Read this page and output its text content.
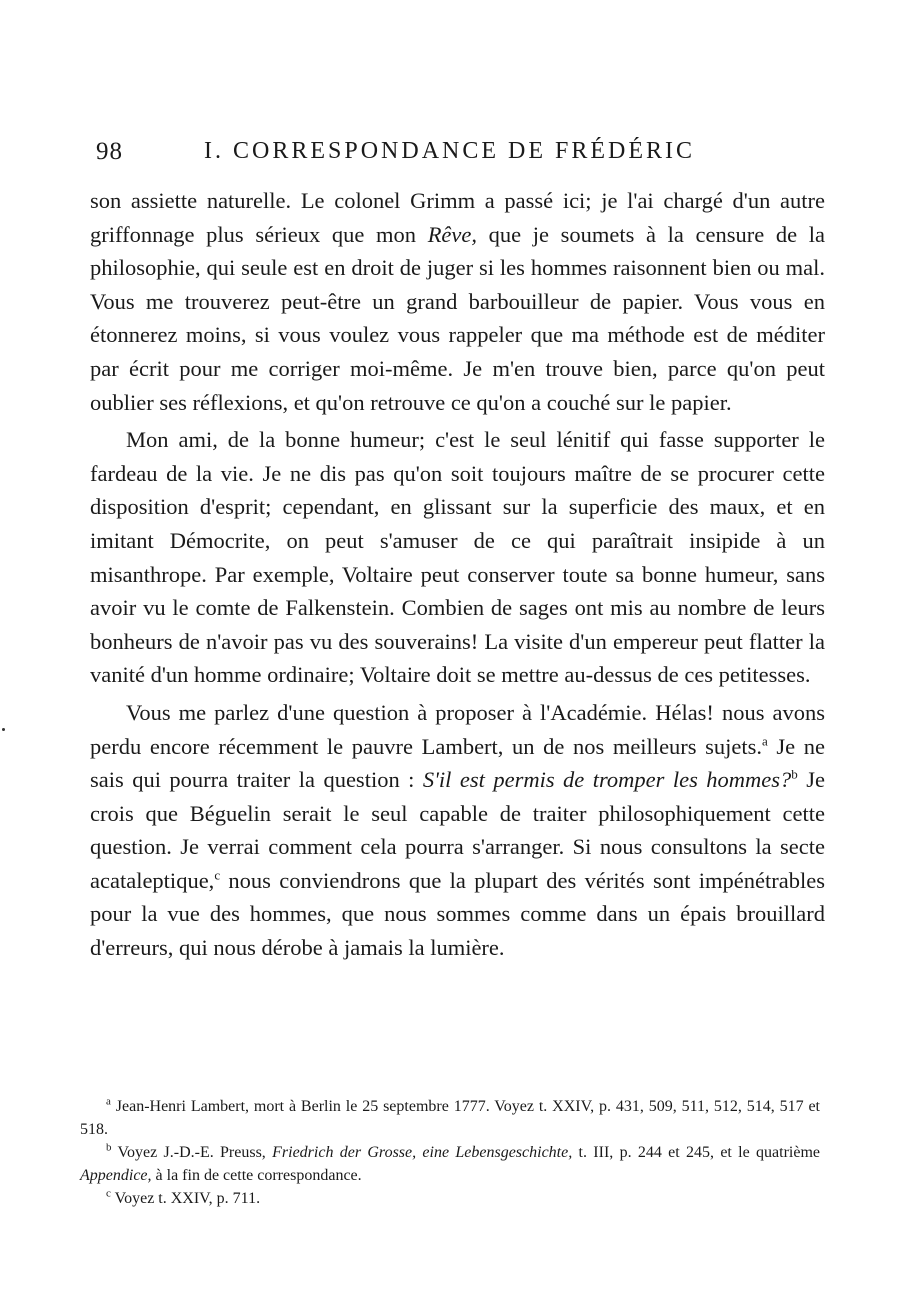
98	I. CORRESPONDANCE DE FRÉDÉRIC

son assiette naturelle. Le colonel Grimm a passé ici; je l'ai chargé d'un autre griffonnage plus sérieux que mon Rêve, que je soumets à la censure de la philosophie, qui seule est en droit de juger si les hommes raisonnent bien ou mal. Vous me trouverez peut-être un grand barbouilleur de papier. Vous vous en étonnerez moins, si vous voulez vous rappeler que ma méthode est de méditer par écrit pour me corriger moi-même. Je m'en trouve bien, parce qu'on peut oublier ses réflexions, et qu'on retrouve ce qu'on a couché sur le papier.

Mon ami, de la bonne humeur; c'est le seul lénitif qui fasse supporter le fardeau de la vie. Je ne dis pas qu'on soit toujours maître de se procurer cette disposition d'esprit; cependant, en glissant sur la superficie des maux, et en imitant Démocrite, on peut s'amuser de ce qui paraîtrait insipide à un misanthrope. Par exemple, Voltaire peut conserver toute sa bonne humeur, sans avoir vu le comte de Falkenstein. Combien de sages ont mis au nombre de leurs bonheurs de n'avoir pas vu des souverains! La visite d'un empereur peut flatter la vanité d'un homme ordinaire; Voltaire doit se mettre au-dessus de ces petitesses.

Vous me parlez d'une question à proposer à l'Académie. Hélas! nous avons perdu encore récemment le pauvre Lambert, un de nos meilleurs sujets.$^a$ Je ne sais qui pourra traiter la question : S'il est permis de tromper les hommes?$^b$ Je crois que Béguelin serait le seul capable de traiter philosophiquement cette question. Je verrai comment cela pourra s'arranger. Si nous consultons la secte acataleptique,$^c$ nous conviendrons que la plupart des vérités sont impénétrables pour la vue des hommes, que nous sommes comme dans un épais brouillard d'erreurs, qui nous dérobe à jamais la lumière.

$^a$ Jean-Henri Lambert, mort à Berlin le 25 septembre 1777. Voyez t. XXIV, p. 431, 509, 511, 512, 514, 517 et 518.

$^b$ Voyez J.-D.-E. Preuss, Friedrich der Grosse, eine Lebensgeschichte, t. III, p. 244 et 245, et le quatrième Appendice, à la fin de cette correspondance.

$^c$ Voyez t. XXIV, p. 711.
